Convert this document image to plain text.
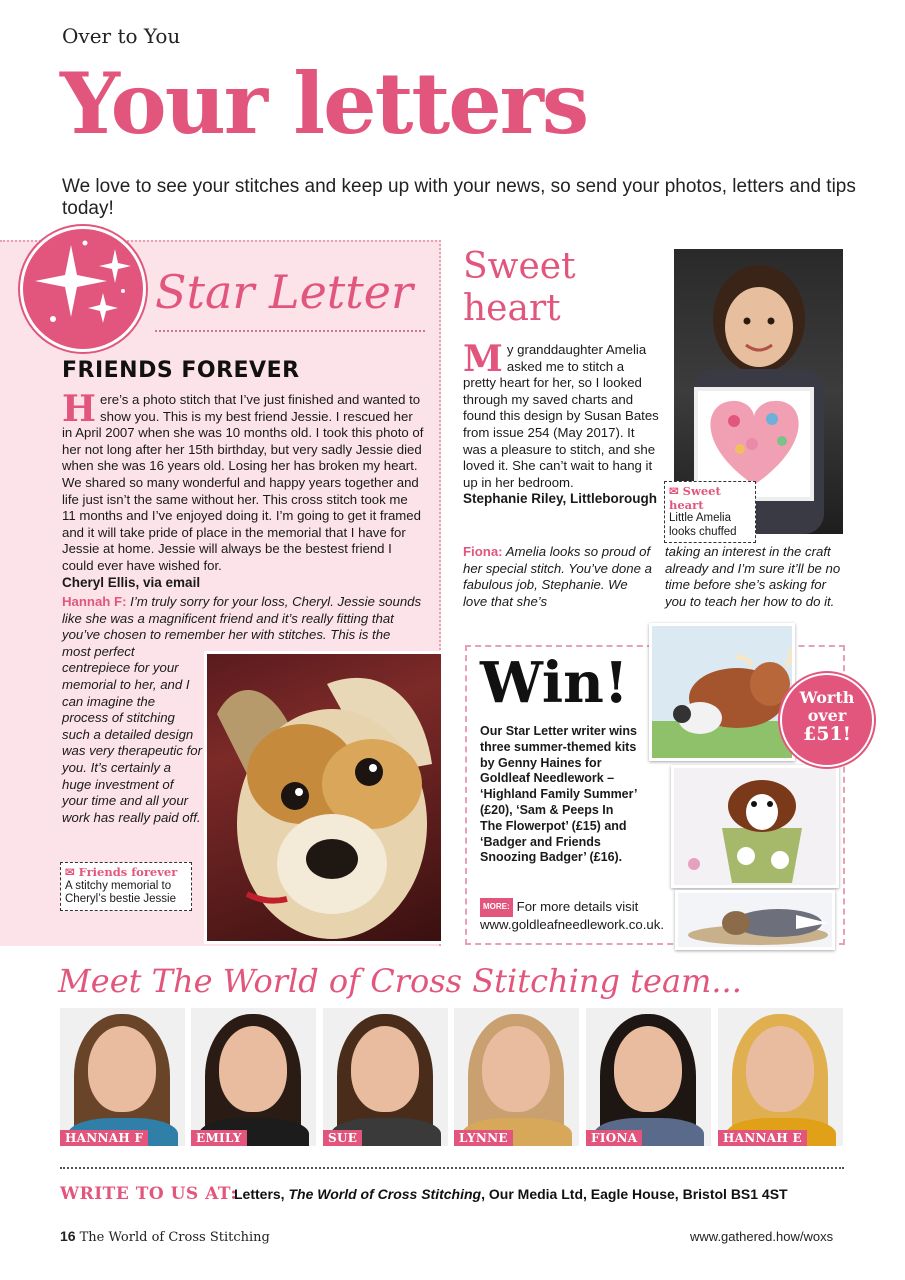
Over to You
Your letters
We love to see your stitches and keep up with your news, so send your photos, letters and tips today!
Star Letter
FRIENDS FOREVER
Here’s a photo stitch that I’ve just finished and wanted to show you. This is my best friend Jessie. I rescued her in April 2007 when she was 10 months old. I took this photo of her not long after her 15th birthday, but very sadly Jessie died when she was 16 years old. Losing her has broken my heart. We shared so many wonderful and happy years together and life just isn’t the same without her. This cross stitch took me 11 months and I’ve enjoyed doing it. I’m going to get it framed and it will take pride of place in the memorial that I have for Jessie at home. Jessie will always be the bestest friend I could ever have wished for.
Cheryl Ellis, via email
Hannah F: I’m truly sorry for your loss, Cheryl. Jessie sounds like she was a magnificent friend and it’s really fitting that you’ve chosen to remember her with stitches. This is the most perfect
centrepiece for your memorial to her, and I can imagine the process of stitching such a detailed design was very therapeutic for you. It’s certainly a huge investment of your time and all your work has really paid off.
✉ Friends forever
A stitchy memorial to Cheryl’s bestie Jessie
Sweet
heart
My granddaughter Amelia asked me to stitch a pretty heart for her, so I looked through my saved charts and found this design by Susan Bates from issue 254 (May 2017). It was a pleasure to stitch, and she loved it. She can’t wait to hang it up in her bedroom.
Stephanie Riley, Littleborough
✉ Sweet heart
Little Amelia looks chuffed
Fiona: Amelia looks so proud of her special stitch. You’ve done a fabulous job, Stephanie. We love that she’s
taking an interest in the craft already and I’m sure it’ll be no time before she’s asking for you to teach her how to do it.
Win!
Our Star Letter writer wins three summer-themed kits by Genny Haines for Goldleaf Needlework – ‘Highland Family Summer’ (£20), ‘Sam & Peeps In The Flowerpot’ (£15) and ‘Badger and Friends Snoozing Badger’ (£16).
MORE: For more details visit www.goldleafneedlework.co.uk.
Worth
over
£51!
Meet The World of Cross Stitching team...
HANNAH F	EMILY	SUE	LYNNE	FIONA	HANNAH E
WRITE TO US AT:
Letters, The World of Cross Stitching, Our Media Ltd, Eagle House, Bristol BS1 4ST
16 The World of Cross Stitching	www.gathered.how/woxs
